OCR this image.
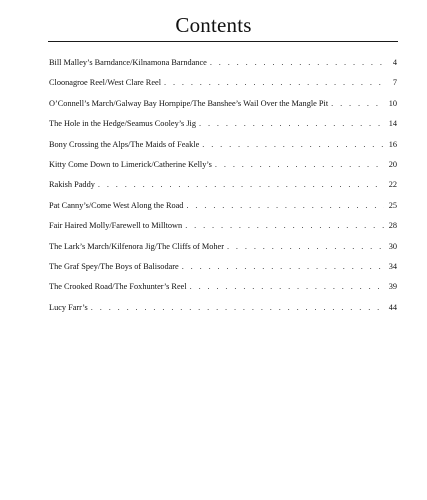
Contents
Bill Malley’s Barndance/Kilnamona Barndance . . .	4
Cloonagroe Reel/West Clare Reel . . .	7
O’Connell’s March/Galway Bay Hornpipe/The Banshee’s Wail Over the Mangle Pit . . .	10
The Hole in the Hedge/Seamus Cooley’s Jig . . .	14
Bony Crossing the Alps/The Maids of Feakle . . .	16
Kitty Come Down to Limerick/Catherine Kelly’s . . .	20
Rakish Paddy . . .	22
Pat Canny’s/Come West Along the Road . . .	25
Fair Haired Molly/Farewell to Milltown . . .	28
The Lark’s March/Kilfenora Jig/The Cliffs of Moher . . .	30
The Graf Spey/The Boys of Balisodare . . .	34
The Crooked Road/The Foxhunter’s Reel . . .	39
Lucy Farr’s . . .	44
